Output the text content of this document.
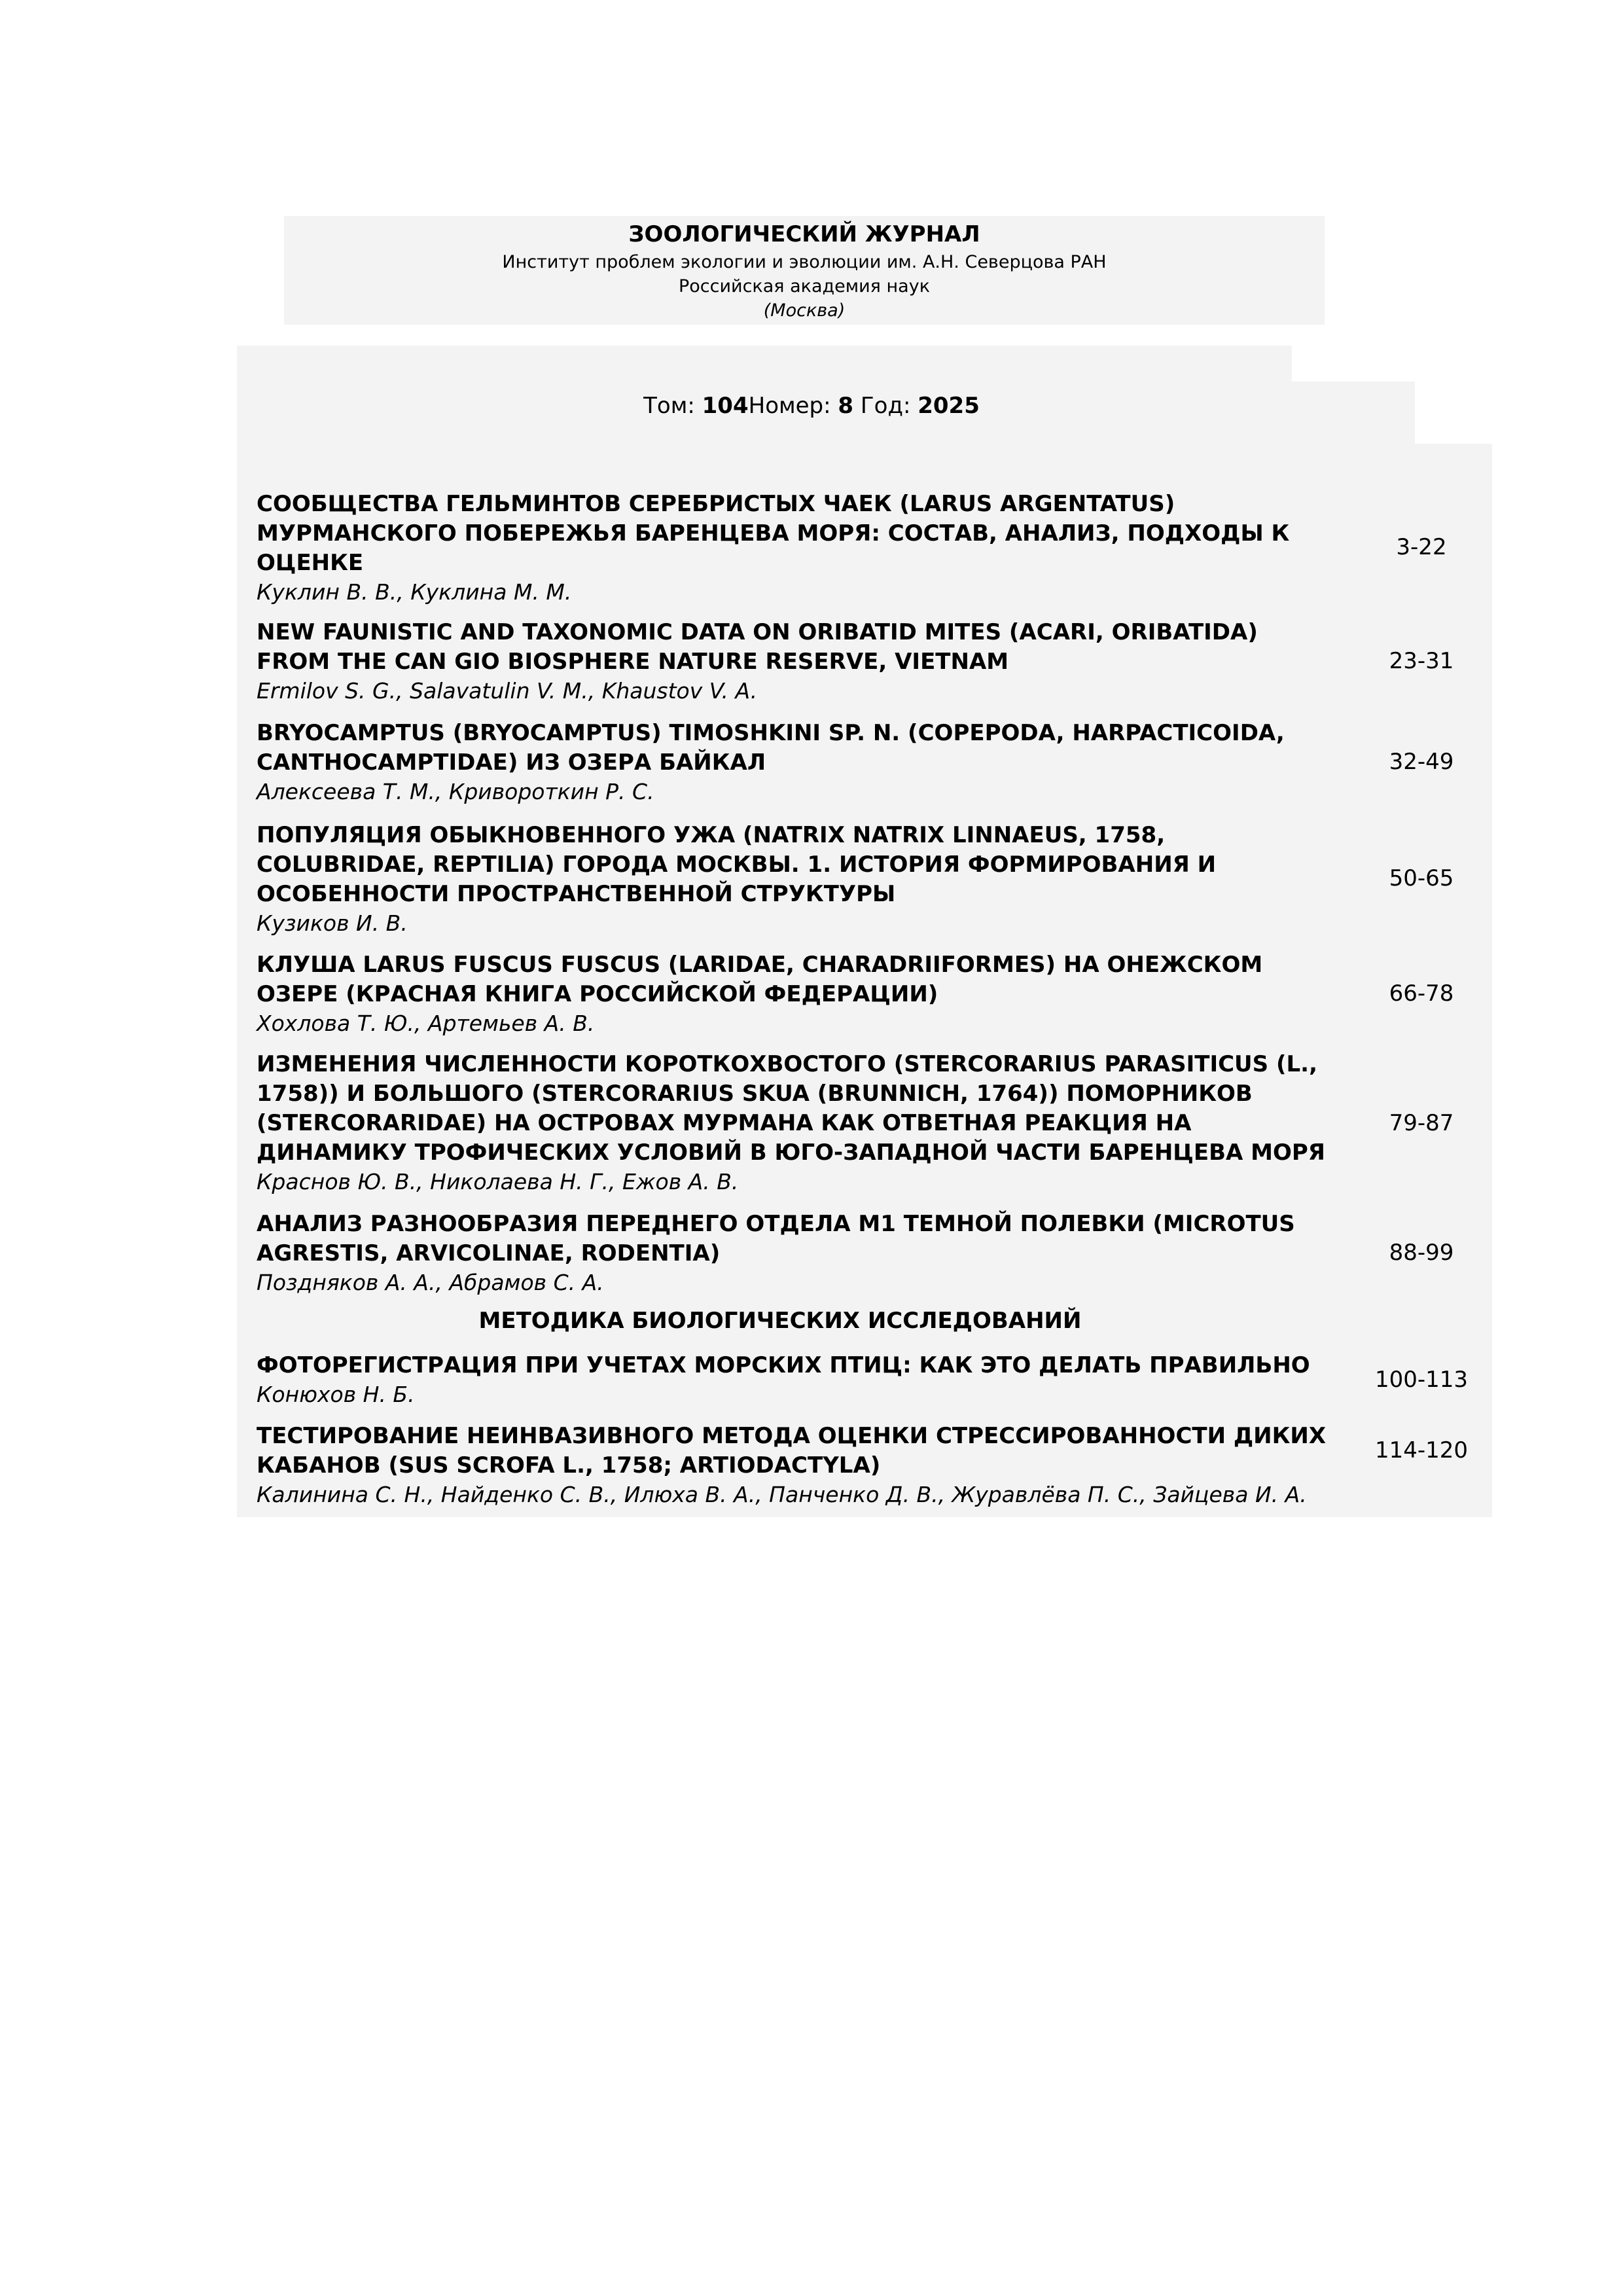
ЗООЛОГИЧЕСКИЙ ЖУРНАЛ
Институт проблем экологии и эволюции им. А.Н. Северцова РАН
Российская академия наук
(Москва)
Том: 104Номер: 8 Год: 2025
СООБЩЕСТВА ГЕЛЬМИНТОВ СЕРЕБРИСТЫХ ЧАЕК (LARUS ARGENTATUS)
МУРМАНСКОГО ПОБЕРЕЖЬЯ БАРЕНЦЕВА МОРЯ: СОСТАВ, АНАЛИЗ, ПОДХОДЫ К
ОЦЕНКЕ
Куклин В. В., Куклина М. М.
3-22
NEW FAUNISTIC AND TAXONOMIC DATA ON ORIBATID MITES (ACARI, ORIBATIDA)
FROM THE CAN GIO BIOSPHERE NATURE RESERVE, VIETNAM
Ermilov S. G., Salavatulin V. M., Khaustov V. A.
23-31
BRYOCAMPTUS (BRYOCAMPTUS) TIMOSHKINI SP. N. (COPEPODA, HARPACTICOIDA,
CANTHOCAMPTIDAE) ИЗ ОЗЕРА БАЙКАЛ
Алексеева Т. М., Кривороткин Р. С.
32-49
ПОПУЛЯЦИЯ ОБЫКНОВЕННОГО УЖА (NATRIX NATRIX LINNAEUS, 1758,
COLUBRIDAE, REPTILIA) ГОРОДА МОСКВЫ. 1. ИСТОРИЯ ФОРМИРОВАНИЯ И
ОСОБЕННОСТИ ПРОСТРАНСТВЕННОЙ СТРУКТУРЫ
Кузиков И. В.
50-65
КЛУША LARUS FUSCUS FUSCUS (LARIDAE, CHARADRIIFORMES) НА ОНЕЖСКОМ
ОЗЕРЕ (КРАСНАЯ КНИГА РОССИЙСКОЙ ФЕДЕРАЦИИ)
Хохлова Т. Ю., Артемьев А. В.
66-78
ИЗМЕНЕНИЯ ЧИСЛЕННОСТИ КОРОТКОХВОСТОГО (STERCORARIUS PARASITICUS (L.,
1758)) И БОЛЬШОГО (STERCORARIUS SKUA (BRUNNICH, 1764)) ПОМОРНИКОВ
(STERCORARIDAE) НА ОСТРОВАХ МУРМАНА КАК ОТВЕТНАЯ РЕАКЦИЯ НА
ДИНАМИКУ ТРОФИЧЕСКИХ УСЛОВИЙ В ЮГО-ЗАПАДНОЙ ЧАСТИ БАРЕНЦЕВА МОРЯ
Краснов Ю. В., Николаева Н. Г., Ежов А. В.
79-87
АНАЛИЗ РАЗНООБРАЗИЯ ПЕРЕДНЕГО ОТДЕЛА M1 ТЕМНОЙ ПОЛЕВКИ (MICROTUS
AGRESTIS, ARVICOLINAE, RODENTIA)
Поздняков А. А., Абрамов С. А.
88-99
МЕТОДИКА БИОЛОГИЧЕСКИХ ИССЛЕДОВАНИЙ
ФОТОРЕГИСТРАЦИЯ ПРИ УЧЕТАХ МОРСКИХ ПТИЦ: КАК ЭТО ДЕЛАТЬ ПРАВИЛЬНО
Конюхов Н. Б.
100-113
ТЕСТИРОВАНИЕ НЕИНВАЗИВНОГО МЕТОДА ОЦЕНКИ СТРЕССИРОВАННОСТИ ДИКИХ
КАБАНОВ (SUS SCROFA L., 1758; ARTIODACTYLA)
Калинина С. Н., Найденко С. В., Илюха В. А., Панченко Д. В., Журавлёва П. С., Зайцева И. А.
114-120
